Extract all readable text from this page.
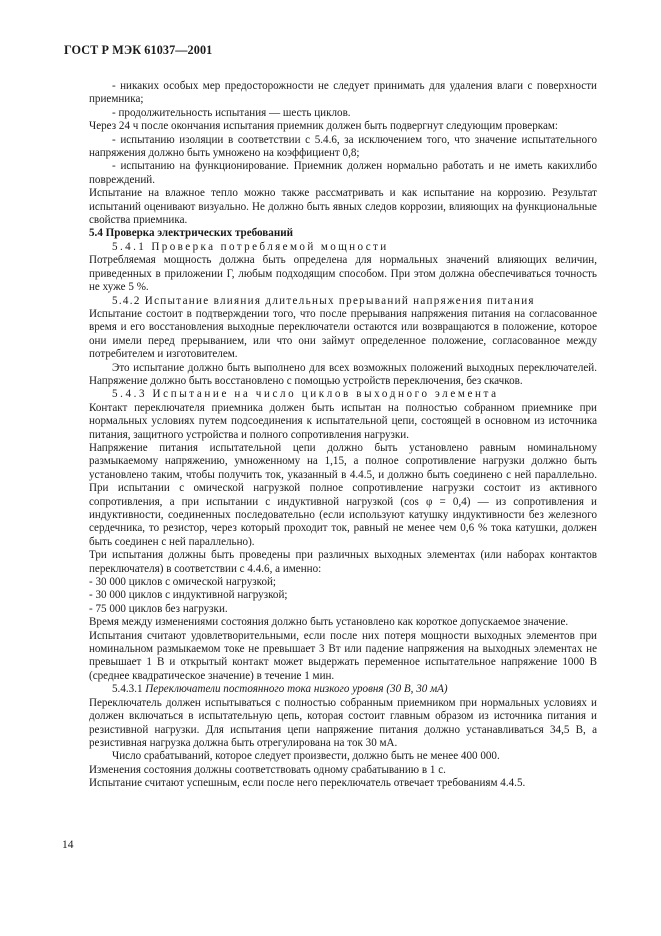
ГОСТ Р МЭК 61037—2001

- никаких особых мер предосторожности не следует принимать для удаления влаги с поверхности приемника;

- продолжительность испытания — шесть циклов.

Через 24 ч после окончания испытания приемник должен быть подвергнут следующим проверкам:

- испытанию изоляции в соответствии с 5.4.6, за исключением того, что значение испытательного напряжения должно быть умножено на коэффициент 0,8;

- испытанию на функционирование. Приемник должен нормально работать и не иметь какихлибо повреждений.

Испытание на влажное тепло можно также рассматривать и как испытание на коррозию. Результат испытаний оценивают визуально. Не должно быть явных следов коррозии, влияющих на функциональные свойства приемника.

5.4 Проверка электрических требований

5.4.1 Проверка потребляемой мощности

Потребляемая мощность должна быть определена для нормальных значений влияющих величин, приведенных в приложении Г, любым подходящим способом. При этом должна обеспечиваться точность не хуже 5 %.

5.4.2 Испытание влияния длительных прерываний напряжения питания

Испытание состоит в подтверждении того, что после прерывания напряжения питания на согласованное время и его восстановления выходные переключатели остаются или возвращаются в положение, которое они имели перед прерыванием, или что они займут определенное положение, согласованное между потребителем и изготовителем.

Это испытание должно быть выполнено для всех возможных положений выходных переключателей. Напряжение должно быть восстановлено с помощью устройств переключения, без скачков.

5.4.3 Испытание на число циклов выходного элемента

Контакт переключателя приемника должен быть испытан на полностью собранном приемнике при нормальных условиях путем подсоединения к испытательной цепи, состоящей в основном из источника питания, защитного устройства и полного сопротивления нагрузки.

Напряжение питания испытательной цепи должно быть установлено равным номинальному размыкаемому напряжению, умноженному на 1,15, а полное сопротивление нагрузки должно быть установлено таким, чтобы получить ток, указанный в 4.4.5, и должно быть соединено с ней параллельно. При испытании с омической нагрузкой полное сопротивление нагрузки состоит из активного сопротивления, а при испытании с индуктивной нагрузкой (cos φ = 0,4) — из сопротивления и индуктивности, соединенных последовательно (если используют катушку индуктивности без железного сердечника, то резистор, через который проходит ток, равный не менее чем 0,6 % тока катушки, должен быть соединен с ней параллельно).

Три испытания должны быть проведены при различных выходных элементах (или наборах контактов переключателя) в соответствии с 4.4.6, а именно:

- 30 000 циклов с омической нагрузкой;

- 30 000 циклов с индуктивной нагрузкой;

- 75 000 циклов без нагрузки.

Время между изменениями состояния должно быть установлено как короткое допускаемое значение.

Испытания считают удовлетворительными, если после них потеря мощности выходных элементов при номинальном размыкаемом токе не превышает 3 Вт или падение напряжения на выходных элементах не превышает 1 В и открытый контакт может выдержать переменное испытательное напряжение 1000 В (среднее квадратическое значение) в течение 1 мин.

5.4.3.1 Переключатели постоянного тока низкого уровня (30 В, 30 мА)

Переключатель должен испытываться с полностью собранным приемником при нормальных условиях и должен включаться в испытательную цепь, которая состоит главным образом из источника питания и резистивной нагрузки. Для испытания цепи напряжение питания должно устанавливаться 34,5 В, а резистивная нагрузка должна быть отрегулирована на ток 30 мА.

Число срабатываний, которое следует произвести, должно быть не менее 400 000.

Изменения состояния должны соответствовать одному срабатыванию в 1 с.

Испытание считают успешным, если после него переключатель отвечает требованиям 4.4.5.

14
